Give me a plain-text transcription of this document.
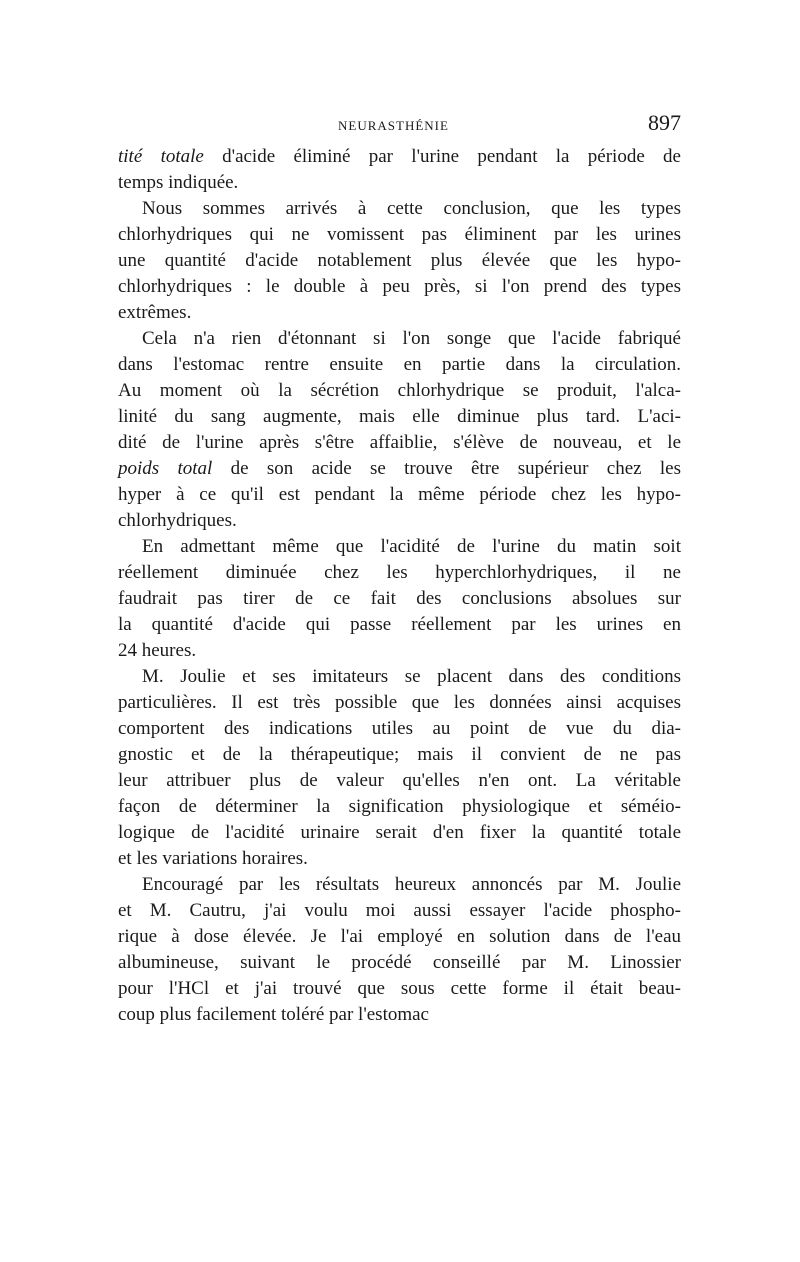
NEURASTHÉNIE	897
tité totale d'acide éliminé par l'urine pendant la période de
temps indiquée.
Nous sommes arrivés à cette conclusion, que les types
chlorhydriques qui ne vomissent pas éliminent par les urines
une quantité d'acide notablement plus élevée que les hypo-
chlorhydriques : le double à peu près, si l'on prend des types
extrêmes.
Cela n'a rien d'étonnant si l'on songe que l'acide fabriqué
dans l'estomac rentre ensuite en partie dans la circulation.
Au moment où la sécrétion chlorhydrique se produit, l'alca-
linité du sang augmente, mais elle diminue plus tard. L'aci-
dité de l'urine après s'être affaiblie, s'élève de nouveau, et le
poids total de son acide se trouve être supérieur chez les
hyper à ce qu'il est pendant la même période chez les hypo-
chlorhydriques.
En admettant même que l'acidité de l'urine du matin soit
réellement diminuée chez les hyperchlorhydriques, il ne
faudrait pas tirer de ce fait des conclusions absolues sur
la quantité d'acide qui passe réellement par les urines en
24 heures.
M. Joulie et ses imitateurs se placent dans des conditions
particulières. Il est très possible que les données ainsi acquises
comportent des indications utiles au point de vue du dia-
gnostic et de la thérapeutique; mais il convient de ne pas
leur attribuer plus de valeur qu'elles n'en ont. La véritable
façon de déterminer la signification physiologique et séméio-
logique de l'acidité urinaire serait d'en fixer la quantité totale
et les variations horaires.
Encouragé par les résultats heureux annoncés par M. Joulie
et M. Cautru, j'ai voulu moi aussi essayer l'acide phospho-
rique à dose élevée. Je l'ai employé en solution dans de l'eau
albumineuse, suivant le procédé conseillé par M. Linossier
pour l'HCl et j'ai trouvé que sous cette forme il était beau-
coup plus facilement toléré par l'estomac
